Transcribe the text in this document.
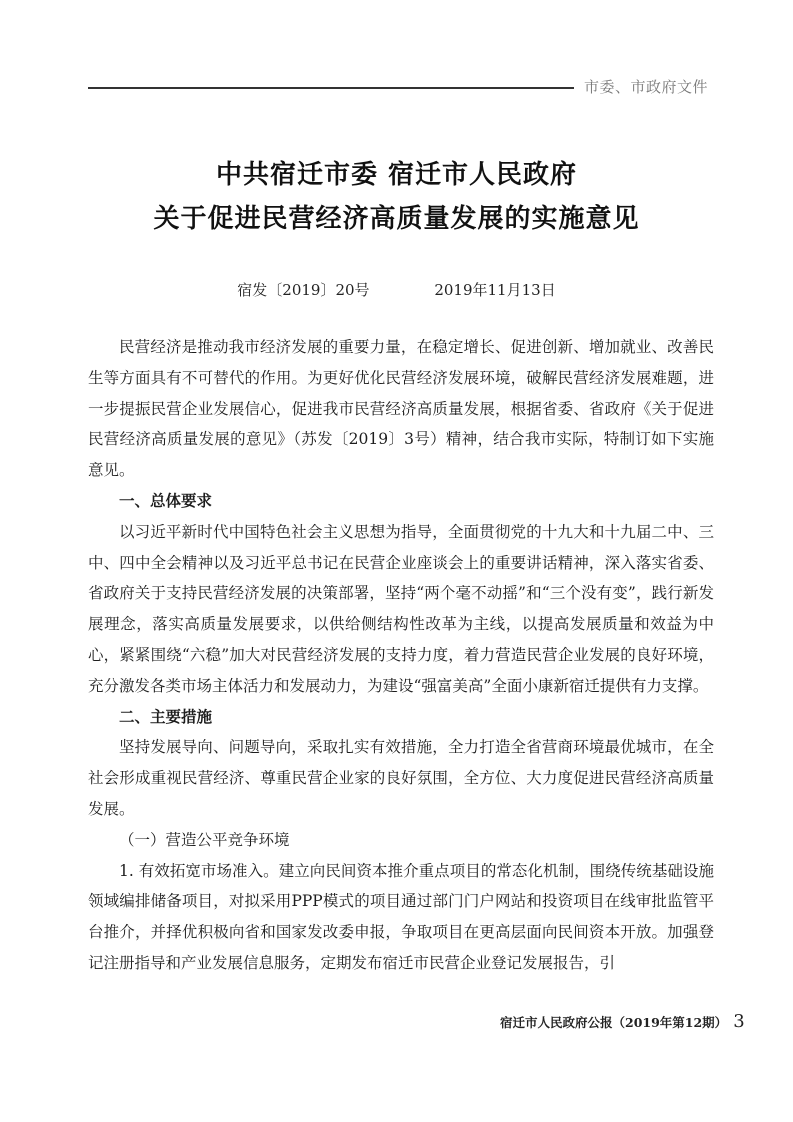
市委、市政府文件
中共宿迁市委 宿迁市人民政府
关于促进民营经济高质量发展的实施意见
宿发〔2019〕20号	2019年11月13日

民营经济是推动我市经济发展的重要力量，在稳定增长、促进创新、增加就业、改善民生等方面具有不可替代的作用。为更好优化民营经济发展环境，破解民营经济发展难题，进一步提振民营企业发展信心，促进我市民营经济高质量发展，根据省委、省政府《关于促进民营经济高质量发展的意见》（苏发〔2019〕3号）精神，结合我市实际，特制订如下实施意见。

一、总体要求

以习近平新时代中国特色社会主义思想为指导，全面贯彻党的十九大和十九届二中、三中、四中全会精神以及习近平总书记在民营企业座谈会上的重要讲话精神，深入落实省委、省政府关于支持民营经济发展的决策部署，坚持“两个毫不动摇”和“三个没有变”，践行新发展理念，落实高质量发展要求，以供给侧结构性改革为主线，以提高发展质量和效益为中心，紧紧围绕“六稳”加大对民营经济发展的支持力度，着力营造民营企业发展的良好环境，充分激发各类市场主体活力和发展动力，为建设“强富美高”全面小康新宿迁提供有力支撑。

二、主要措施

坚持发展导向、问题导向，采取扎实有效措施，全力打造全省营商环境最优城市，在全社会形成重视民营经济、尊重民营企业家的良好氛围，全方位、大力度促进民营经济高质量发展。

（一）营造公平竞争环境

1. 有效拓宽市场准入。建立向民间资本推介重点项目的常态化机制，围绕传统基础设施领域编排储备项目，对拟采用PPP模式的项目通过部门门户网站和投资项目在线审批监管平台推介，并择优积极向省和国家发改委申报，争取项目在更高层面向民间资本开放。加强登记注册指导和产业发展信息服务，定期发布宿迁市民营企业登记发展报告，引

宿迁市人民政府公报（2019年第12期） 3
